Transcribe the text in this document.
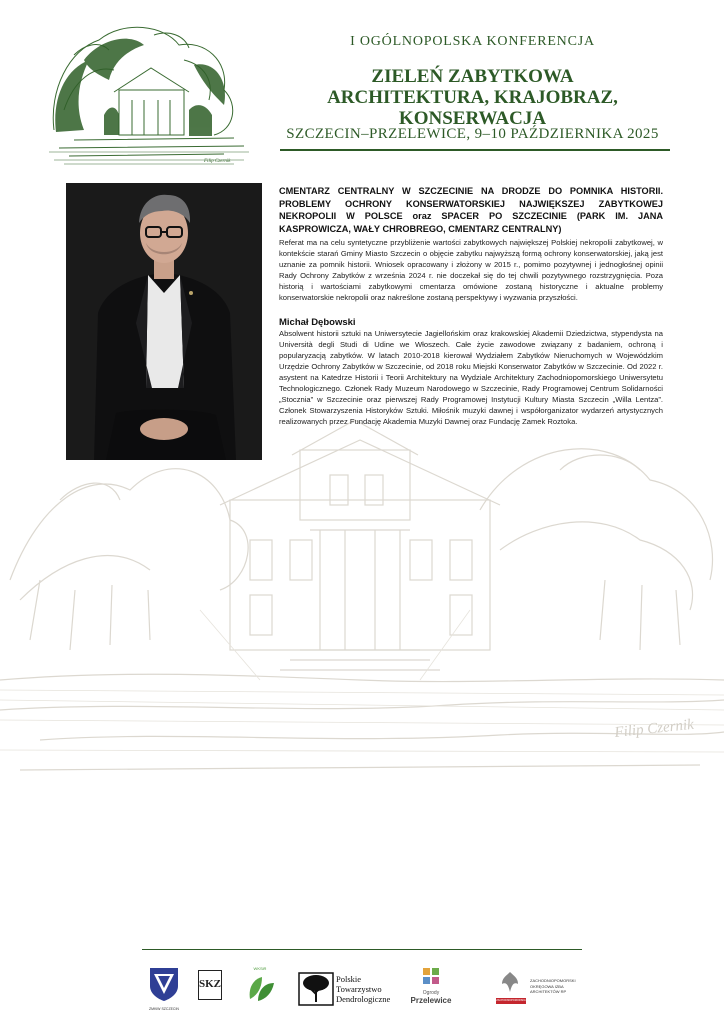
Filip Czernik
Filip Czernik
I OGÓLNOPOLSKA KONFERENCJA
ZIELEŃ ZABYTKOWA
ARCHITEKTURA, KRAJOBRAZ, KONSERWACJA
SZCZECIN–PRZELEWICE, 9–10 PAŹDZIERNIKA 2025

CMENTARZ CENTRALNY W SZCZECINIE NA DRODZE DO POMNIKA HISTORII. PROBLEMY OCHRONY KONSERWATORSKIEJ NAJWIĘKSZEJ ZABYTKOWEJ NEKROPOLII W POLSCE oraz SPACER PO SZCZECINIE (PARK IM. JANA KASPROWICZA, WAŁY CHROBREGO, CMENTARZ CENTRALNY)

Referat ma na celu syntetyczne przybliżenie wartości zabytkowych największej Polskiej nekropolii zabytkowej, w kontekście starań Gminy Miasto Szczecin o objęcie zabytku najwyższą formą ochrony konserwatorskiej, jaką jest uznanie za pomnik historii. Wniosek opracowany i złożony w 2015 r., pomimo pozytywnej i jednogłośnej opinii Rady Ochrony Zabytków z września 2024 r. nie doczekał się do tej chwili pozytywnego rozstrzygnięcia. Poza historią i wartościami zabytkowymi cmentarza omówione zostaną historyczne i aktualne problemy konserwatorskie nekropolii oraz nakreślone zostaną perspektywy i wyzwania przyszłości.

Michał Dębowski

Absolwent historii sztuki na Uniwersytecie Jagiellońskim oraz krakowskiej Akademii Dziedzictwa, stypendysta na Università degli Studi di Udine we Włoszech. Całe życie zawodowe związany z badaniem, ochroną i popularyzacją zabytków. W latach 2010-2018 kierował Wydziałem Zabytków Nieruchomych w Wojewódzkim Urzędzie Ochrony Zabytków w Szczecinie, od 2018 roku Miejski Konserwator Zabytków w Szczecinie. Od 2022 r. asystent na Katedrze Historii i Teorii Architektury na Wydziale Architektury Zachodniopomorskiego Uniwersytetu Technologicznego. Członek Rady Muzeum Narodowego w Szczecinie, Rady Programowej Centrum Solidarności „Stocznia” w Szczecinie oraz pierwszej Rady Programowej Instytucji Kultury Miasta Szczecin „Willa Lentza”. Członek Stowarzyszenia Historyków Sztuki. Miłośnik muzyki dawnej i współorganizator wydarzeń artystycznych realizowanych przez Fundację Akademia Muzyki Dawnej oraz Fundację Zamek Roztoka.

ZMKiW SZCZECIN
SKZ
WKSiR
Polskie
Towarzystwo
Dendrologiczne
Ogrody
Przelewice	ZACHODNIOPOMORSKA
ZACHODNIOPOMORSKI
OKRĘGOWA IZBA
ARCHITEKTÓW RP
